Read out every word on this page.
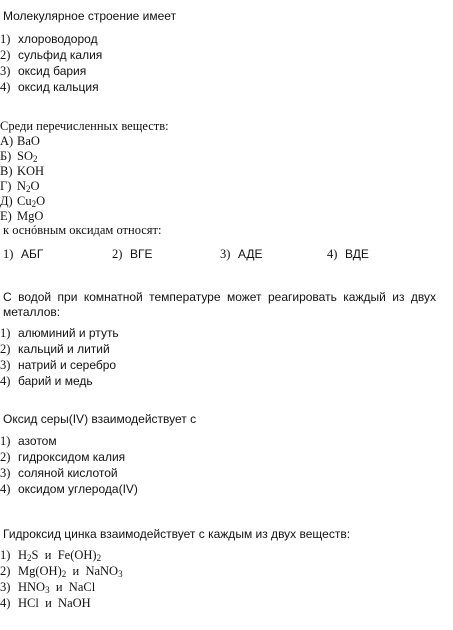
Молекулярное строение имеет
1) хлороводород
2) сульфид калия
3) оксид бария
4) оксид кальция
Среди перечисленных веществ:
А) BaO
Б) $SO_2$
В) KOH
Г) $N_2O$
Д) $Cu_2O$
Е) MgO
к оснóвным оксидам относят:
1) АБГ	2) ВГЕ	3) АДЕ	4) ВДЕ
С водой при комнатной температуре может реагировать каждый из двух
металлов:
1) алюминий и ртуть
2) кальций и литий
3) натрий и серебро
4) барий и медь
Оксид серы(IV) взаимодействует с
1) азотом
2) гидроксидом калия
3) соляной кислотой
4) оксидом углерода(IV)
Гидроксид цинка взаимодействует с каждым из двух веществ:
1) $H_2S$ и $Fe(OH)_2$
2) $Mg(OH)_2$ и NaNO$_3$
3) $HNO_3$ и NaCl
4) HCl и NaOH
